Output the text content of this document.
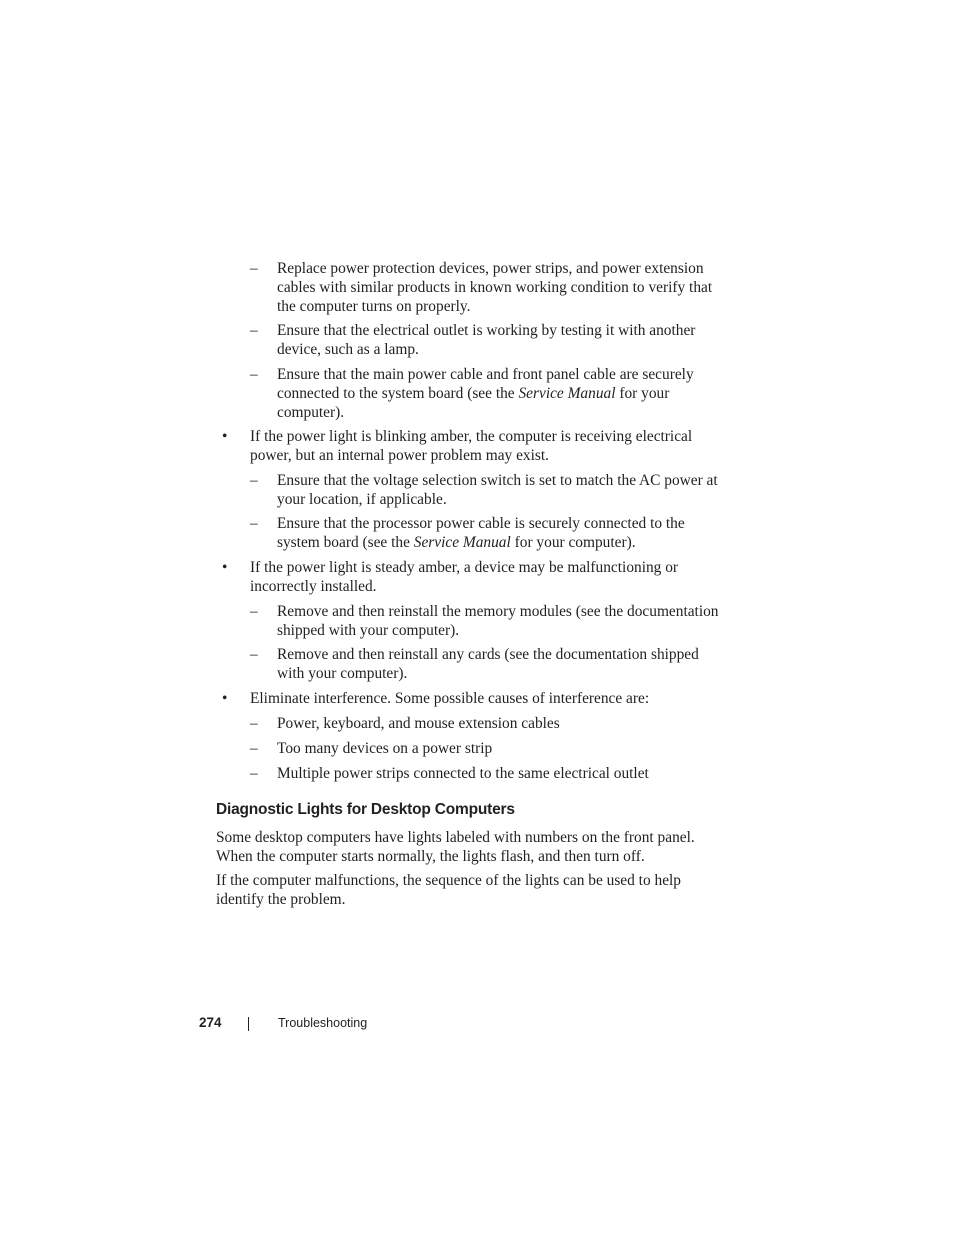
– Replace power protection devices, power strips, and power extension cables with similar products in known working condition to verify that the computer turns on properly.
– Ensure that the electrical outlet is working by testing it with another device, such as a lamp.
– Ensure that the main power cable and front panel cable are securely connected to the system board (see the Service Manual for your computer).
• If the power light is blinking amber, the computer is receiving electrical power, but an internal power problem may exist.
– Ensure that the voltage selection switch is set to match the AC power at your location, if applicable.
– Ensure that the processor power cable is securely connected to the system board (see the Service Manual for your computer).
• If the power light is steady amber, a device may be malfunctioning or incorrectly installed.
– Remove and then reinstall the memory modules (see the documentation shipped with your computer).
– Remove and then reinstall any cards (see the documentation shipped with your computer).
• Eliminate interference. Some possible causes of interference are:
– Power, keyboard, and mouse extension cables
– Too many devices on a power strip
– Multiple power strips connected to the same electrical outlet
Diagnostic Lights for Desktop Computers
Some desktop computers have lights labeled with numbers on the front panel. When the computer starts normally, the lights flash, and then turn off.
If the computer malfunctions, the sequence of the lights can be used to help identify the problem.
274	Troubleshooting
